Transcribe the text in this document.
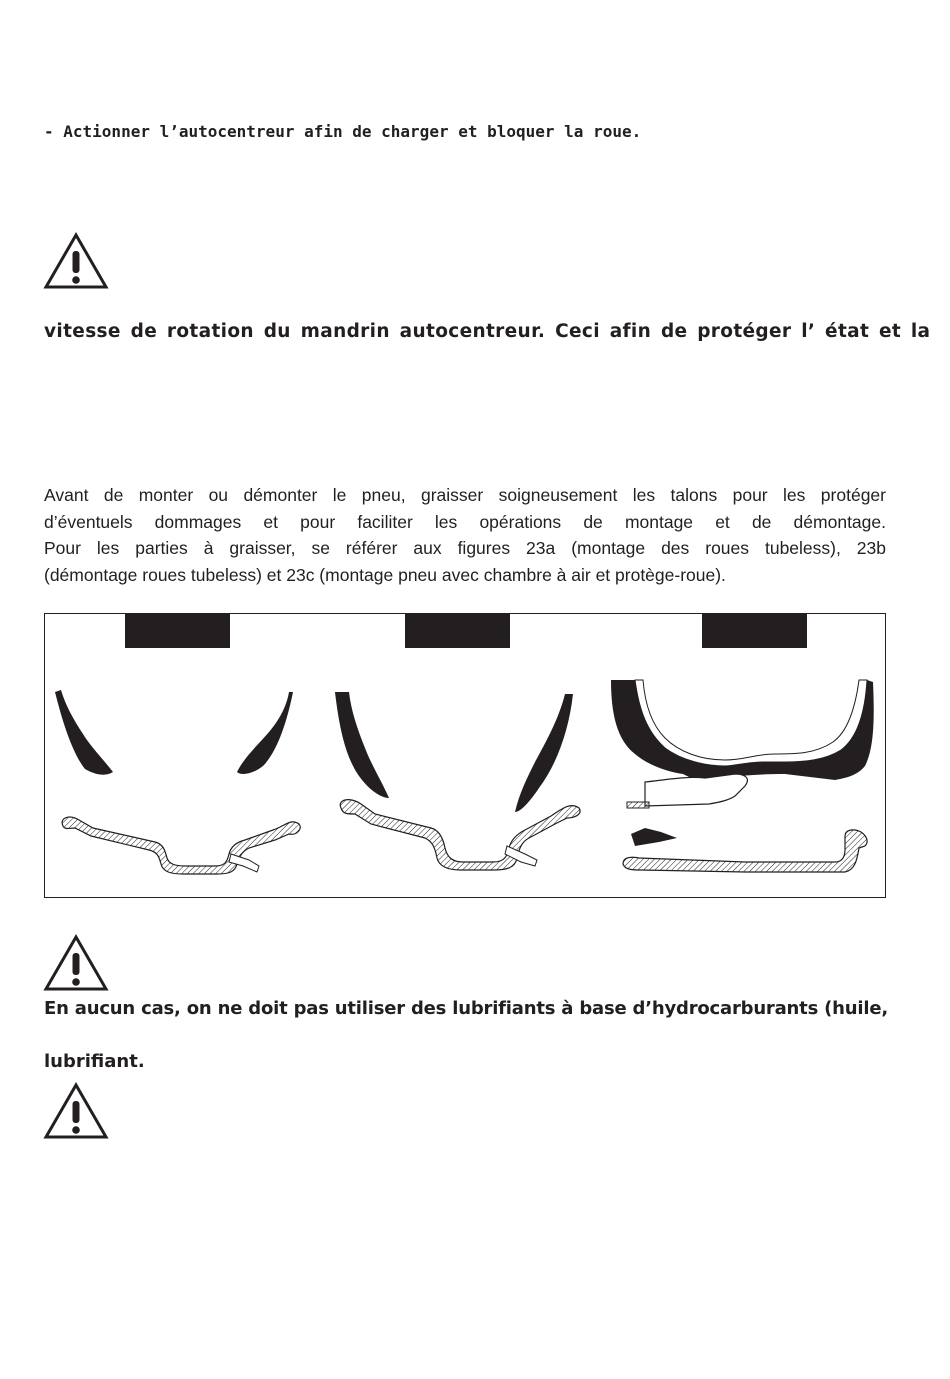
- Actionner l’autocentreur afin de charger et bloquer la roue.

vitesse de rotation du mandrin autocentreur. Ceci afin de protéger l’ état et la

Avant de monter ou démonter le pneu, graisser soigneusement les talons pour les protéger
d’éventuels dommages et pour faciliter les opérations de montage et de démontage.
Pour les parties à graisser, se référer aux figures 23a (montage des roues tubeless), 23b
(démontage roues tubeless) et 23c (montage pneu avec chambre à air et protège-roue).

En aucun cas, on ne doit pas utiliser des lubrifiants à base d’hydrocarburants (huile,

lubrifiant.
